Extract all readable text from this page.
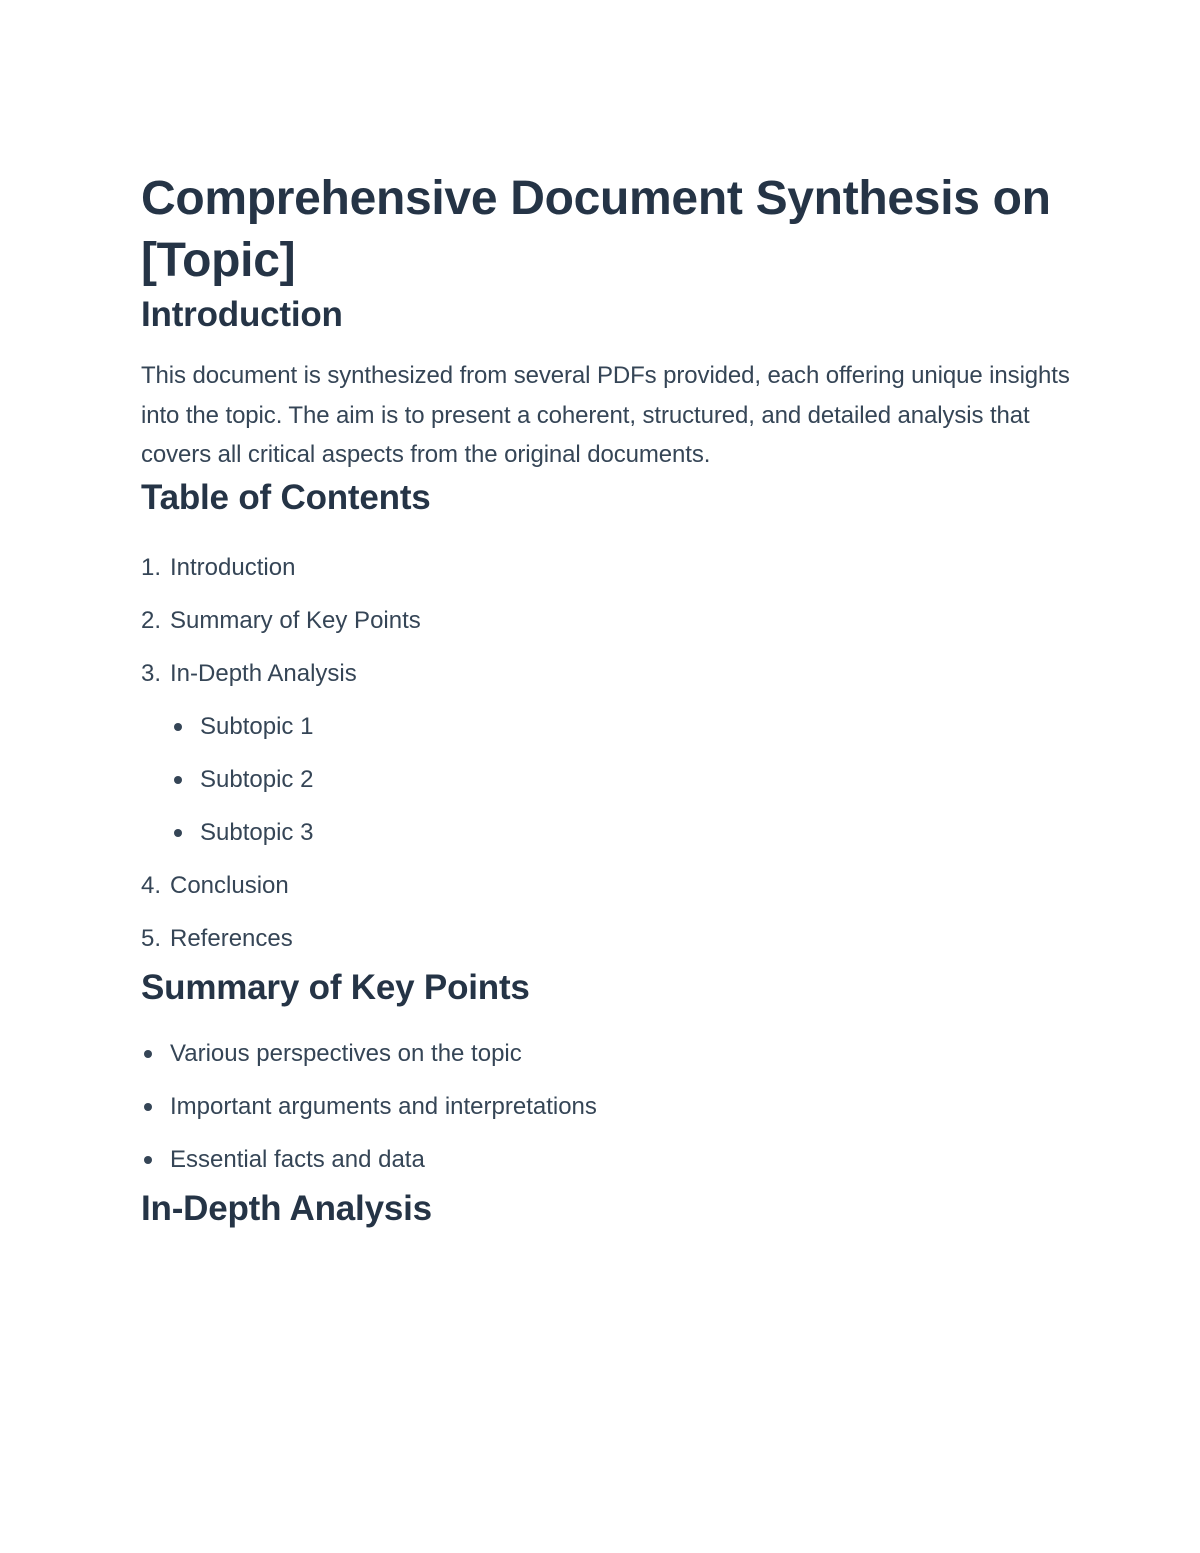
Comprehensive Document Synthesis on [Topic]
Introduction

This document is synthesized from several PDFs provided, each offering unique insights into the topic. The aim is to present a coherent, structured, and detailed analysis that covers all critical aspects from the original documents.

Table of Contents
1. Introduction
2. Summary of Key Points
3. In-Depth Analysis
Subtopic 1
Subtopic 2
Subtopic 3
4. Conclusion
5. References
Summary of Key Points
Various perspectives on the topic
Important arguments and interpretations
Essential facts and data
In-Depth Analysis
